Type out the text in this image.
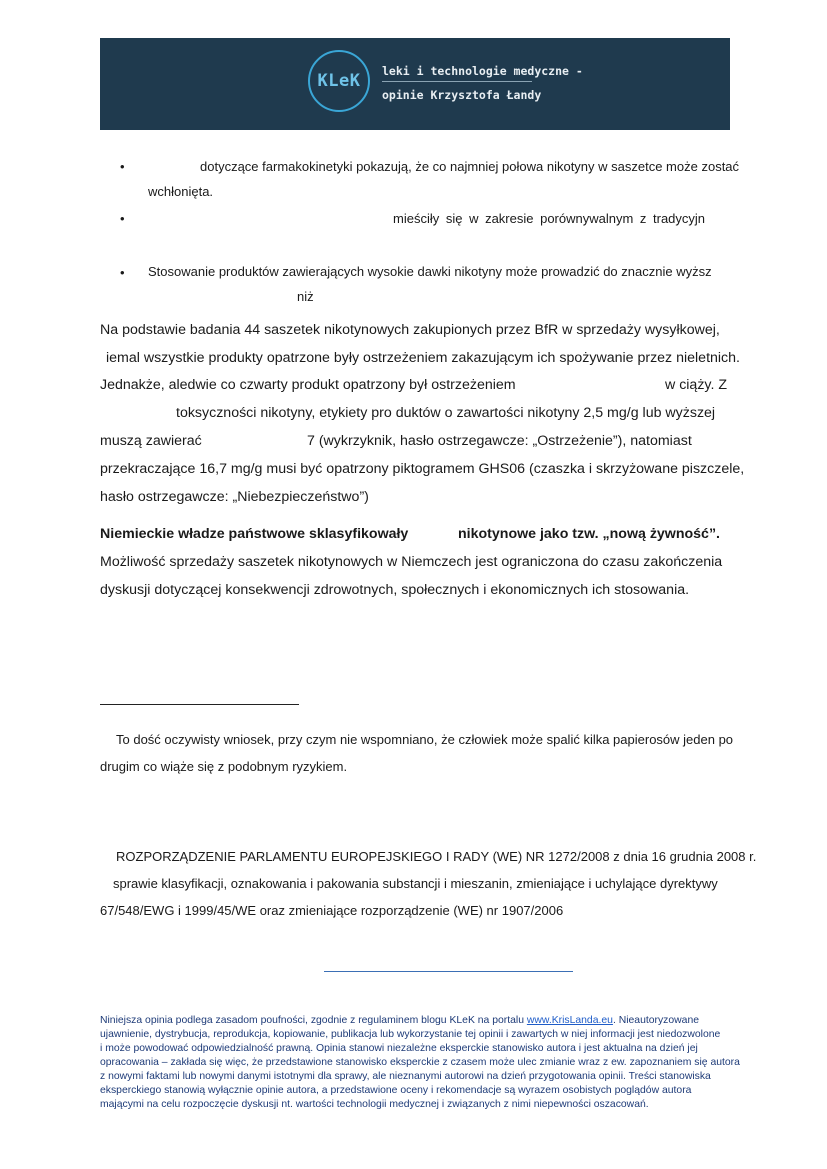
KLeK	leki i technologie medyczne -
opinie Krzysztofa Łandy
•	dotyczące farmakokinetyki pokazują, że co najmniej połowa nikotyny w saszetce może zostać
wchłonięta.
•	mieściły się w zakresie porównywalnym z tradycyjn
• Stosowanie produktów zawierających wysokie dawki nikotyny może prowadzić do znacznie wyższ
niż
Na podstawie badania 44 saszetek nikotynowych zakupionych przez BfR w sprzedaży wysyłkowej,
iemal wszystkie produkty opatrzone były ostrzeżeniem zakazującym ich spożywanie przez nieletnich.
Jednakże, aledwie co czwarty produkt opatrzony był ostrzeżeniem	w ciąży. Z
toksyczności nikotyny, etykiety pro duktów o zawartości nikotyny 2,5 mg/g lub wyższej
muszą zawierać	7 (wykrzyknik, hasło ostrzegawcze: „Ostrzeżenie”), natomiast
przekraczające 16,7 mg/g musi być opatrzony piktogramem GHS06 (czaszka i skrzyżowane piszczele,
hasło ostrzegawcze: „Niebezpieczeństwo”)
Niemieckie władze państwowe sklasyfikowały	nikotynowe jako tzw. „nową żywność”.
Możliwość sprzedaży saszetek nikotynowych w Niemczech jest ograniczona do czasu zakończenia
dyskusji dotyczącej konsekwencji zdrowotnych, społecznych i ekonomicznych ich stosowania.
To dość oczywisty wniosek, przy czym nie wspomniano, że człowiek może spalić kilka papierosów jeden po
drugim co wiąże się z podobnym ryzykiem.
ROZPORZĄDZENIE PARLAMENTU EUROPEJSKIEGO I RADY (WE) NR 1272/2008 z dnia 16 grudnia 2008 r.
sprawie klasyfikacji, oznakowania i pakowania substancji i mieszanin, zmieniające i uchylające dyrektywy
67/548/EWG i 1999/45/WE oraz zmieniające rozporządzenie (WE) nr 1907/2006
Niniejsza opinia podlega zasadom poufności, zgodnie z regulaminem blogu KLeK na portalu www.KrisLanda.eu. Nieautoryzowane
ujawnienie, dystrybucja, reprodukcja, kopiowanie, publikacja lub wykorzystanie tej opinii i zawartych w niej informacji jest niedozwolone
i może powodować odpowiedzialność prawną. Opinia stanowi niezależne eksperckie stanowisko autora i jest aktualna na dzień jej
opracowania – zakłada się więc, że przedstawione stanowisko eksperckie z czasem może ulec zmianie wraz z ew. zapoznaniem się autora
z nowymi faktami lub nowymi danymi istotnymi dla sprawy, ale nieznanymi autorowi na dzień przygotowania opinii. Treści stanowiska
eksperckiego stanowią wyłącznie opinie autora, a przedstawione oceny i rekomendacje są wyrazem osobistych poglądów autora
mającymi na celu rozpoczęcie dyskusji nt. wartości technologii medycznej i związanych z nimi niepewności oszacowań.
